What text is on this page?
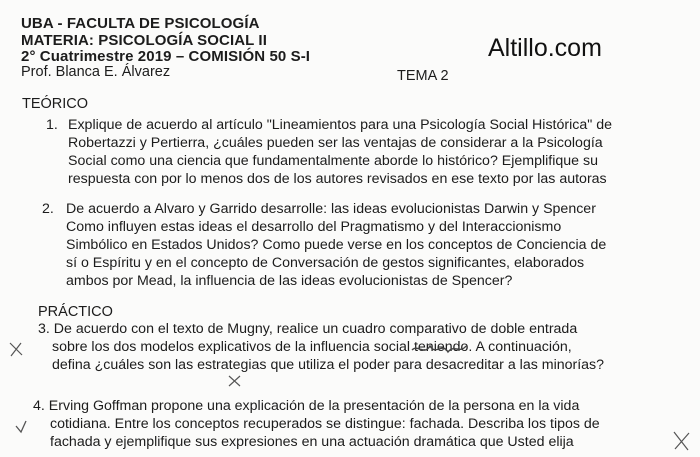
UBA - FACULTA DE PSICOLOGÍA
MATERIA: PSICOLOGÍA SOCIAL II
2° Cuatrimestre 2019 – COMISIÓN 50 S-I
Prof. Blanca E. Álvarez	TEMA 2
Altillo.com
TEÓRICO
1. Explique de acuerdo al artículo "Lineamientos para una Psicología Social Histórica" de
Robertazzi y Pertierra, ¿cuáles pueden ser las ventajas de considerar a la Psicología
Social como una ciencia que fundamentalmente aborde lo histórico? Ejemplifique su
respuesta con por lo menos dos de los autores revisados en ese texto por las autoras
2. De acuerdo a Alvaro y Garrido desarrolle: las ideas evolucionistas Darwin y Spencer
Como influyen estas ideas el desarrollo del Pragmatismo y del Interaccionismo
Simbólico en Estados Unidos? Como puede verse en los conceptos de Conciencia de
sí o Espíritu y en el concepto de Conversación de gestos significantes, elaborados
ambos por Mead, la influencia de las ideas evolucionistas de Spencer?
PRÁCTICO
3. De acuerdo con el texto de Mugny, realice un cuadro comparativo de doble entrada
sobre los dos modelos explicativos de la influencia social teniendo. A continuación,
defina ¿cuáles son las estrategias que utiliza el poder para desacreditar a las minorías?
4. Erving Goffman propone una explicación de la presentación de la persona en la vida
cotidiana. Entre los conceptos recuperados se distingue: fachada. Describa los tipos de
fachada y ejemplifique sus expresiones en una actuación dramática que Usted elija
